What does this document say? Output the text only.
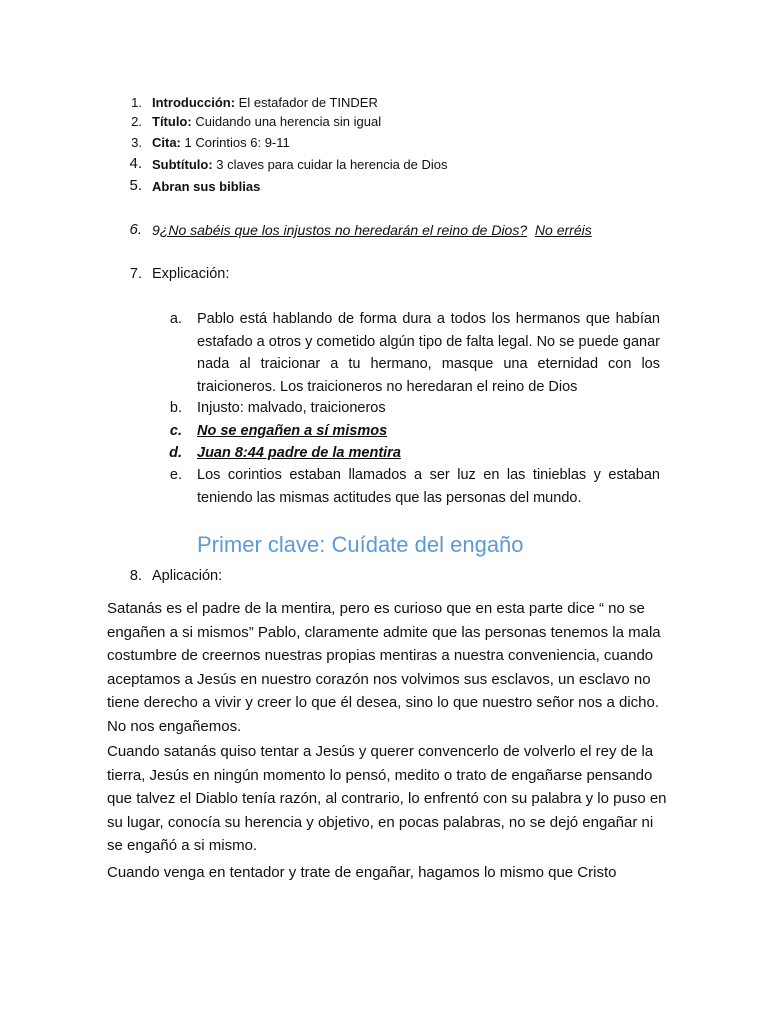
1. Introducción: El estafador de TINDER
2. Título: Cuidando una herencia sin igual
3. Cita: 1 Corintios 6: 9-11
4. Subtítulo: 3 claves para cuidar la herencia de Dios
5. Abran sus biblias
6. 9¿No sabéis que los injustos no heredarán el reino de Dios? No erréis
7. Explicación:
a. Pablo está hablando de forma dura a todos los hermanos que habían estafado a otros y cometido algún tipo de falta legal. No se puede ganar nada al traicionar a tu hermano, masque una eternidad con los traicioneros. Los traicioneros no heredaran el reino de Dios
b. Injusto: malvado, traicioneros
c. No se engañen a sí mismos
d. Juan 8:44 padre de la mentira
e. Los corintios estaban llamados a ser luz en las tinieblas y estaban teniendo las mismas actitudes que las personas del mundo.
Primer clave: Cuídate del engaño
8. Aplicación:
Satanás es el padre de la mentira, pero es curioso que en esta parte dice “ no se engañen a si mismos” Pablo, claramente admite que las personas tenemos la mala costumbre de creernos nuestras propias mentiras a nuestra conveniencia, cuando aceptamos a Jesús en nuestro corazón nos volvimos sus esclavos, un esclavo no tiene derecho a vivir y creer lo que él desea, sino lo que nuestro señor nos a dicho. No nos engañemos.
Cuando satanás quiso tentar a Jesús y querer convencerlo de volverlo el rey de la tierra, Jesús en ningún momento lo pensó, medito o trato de engañarse pensando que talvez el Diablo tenía razón, al contrario, lo enfrentó con su palabra y lo puso en su lugar, conocía su herencia y objetivo, en pocas palabras, no se dejó engañar ni se engañó a si mismo.
Cuando venga en tentador y trate de engañar, hagamos lo mismo que Cristo
